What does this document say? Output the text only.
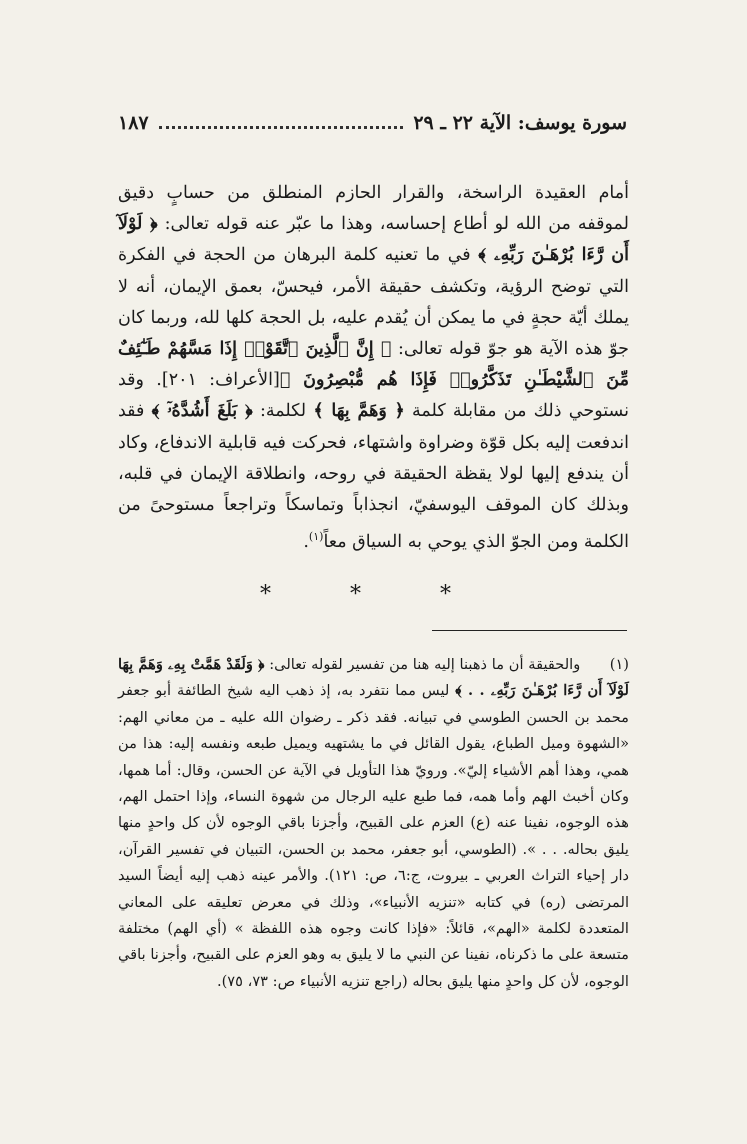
سورة يوسف: الآية ٢٢ ـ ٢٩
١٨٧

أمام العقيدة الراسخة، والقرار الحازم المنطلق من حسابٍ دقيق لموقفه من الله لو أطاع إحساسه، وهذا ما عبّر عنه قوله تعالى: ﴿ لَوْلَآ أَن رَّءَا بُرْهَـٰنَ رَبِّهِۦ ﴾ في ما تعنيه كلمة البرهان من الحجة في الفكرة التي توضح الرؤية، وتكشف حقيقة الأمر، فيحسّ، بعمق الإيمان، أنه لا يملك أيّة حجةٍ في ما يمكن أن يُقدم عليه، بل الحجة كلها لله، وربما كان جوّ هذه الآية هو جوّ قوله تعالى: ﴿ إِنَّ ٱلَّذِينَ ٱتَّقَوْا۟ إِذَا مَسَّهُمْ طَـٰٓئِفٌ مِّنَ ٱلشَّيْطَـٰنِ تَذَكَّرُوا۟ فَإِذَا هُم مُّبْصِرُونَ ﴾[الأعراف: ٢٠١]. وقد نستوحي ذلك من مقابلة كلمة ﴿ وَهَمَّ بِهَا ﴾ لكلمة: ﴿ بَلَغَ أَشُدَّهُۥٓ ﴾ فقد اندفعت إليه بكل قوّة وضراوة واشتهاء، فحركت فيه قابلية الاندفاع، وكاد أن يندفع إليها لولا يقظة الحقيقة في روحه، وانطلاقة الإيمان في قلبه، وبذلك كان الموقف اليوسفيّ، انجذاباً وتماسكاً وتراجعاً مستوحىً من الكلمة ومن الجوّ الذي يوحي به السياق معاً$^{(١)}$.

* * *

(١) والحقيقة أن ما ذهبنا إليه هنا من تفسير لقوله تعالى: ﴿ وَلَقَدْ هَمَّتْ بِهِۦ وَهَمَّ بِهَا لَوْلَآ أَن رَّءَا بُرْهَـٰنَ رَبِّهِۦ . . ﴾ ليس مما نتفرد به، إذ ذهب اليه شيخ الطائفة أبو جعفر محمد بن الحسن الطوسي في تبيانه. فقد ذكر ـ رضوان الله عليه ـ من معاني الهم: «الشهوة وميل الطباع، يقول القائل في ما يشتهيه ويميل طبعه ونفسه إليه: هذا من همي، وهذا أهم الأشياء إليّ». ورويّ هذا التأويل في الآية عن الحسن، وقال: أما همها، وكان أخبث الهم وأما همه، فما طبع عليه الرجال من شهوة النساء، وإذا احتمل الهم، هذه الوجوه، نفينا عنه (ع) العزم على القبيح، وأجزنا باقي الوجوه لأن كل واحدٍ منها يليق بحاله. . . ». (الطوسي، أبو جعفر، محمد بن الحسن، التبيان في تفسير القرآن، دار إحياء التراث العربي ـ بيروت، ج:٦، ص: ١٢١). والأمر عينه ذهب إليه أيضاً السيد المرتضى (ره) في كتابه «تنزيه الأنبياء»، وذلك في معرض تعليقه على المعاني المتعددة لكلمة «الهم»، قائلاً: «فإذا كانت وجوه هذه اللفظة » (أي الهم) مختلفة متسعة على ما ذكرناه، نفينا عن النبي ما لا يليق به وهو العزم على القبيح، وأجزنا باقي الوجوه، لأن كل واحدٍ منها يليق بحاله (راجع تنزيه الأنبياء ص: ٧٣، ٧٥).
